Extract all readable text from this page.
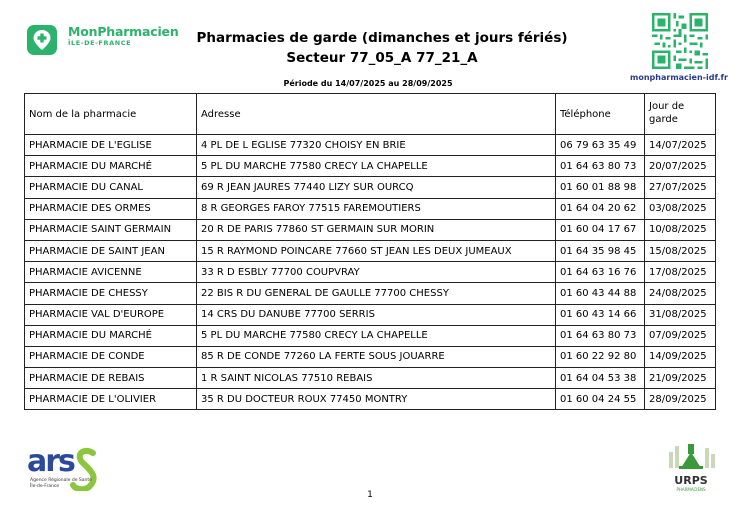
MonPharmacien
ÎLE-DE-FRANCE	Pharmacies de garde (dimanches et jours fériés)
Secteur 77_05_A 77_21_A
Période du 14/07/2025 au 28/09/2025
monpharmacien-idf.fr
Nom de la pharmacie	Adresse	Téléphone	Jour de garde
PHARMACIE DE L'EGLISE	4 PL DE L EGLISE 77320 CHOISY EN BRIE	06 79 63 35 49	14/07/2025
PHARMACIE DU MARCHÉ	5 PL DU MARCHE 77580 CRECY LA CHAPELLE	01 64 63 80 73	20/07/2025
PHARMACIE DU CANAL	69 R JEAN JAURES 77440 LIZY SUR OURCQ	01 60 01 88 98	27/07/2025
PHARMACIE DES ORMES	8 R GEORGES FAROY 77515 FAREMOUTIERS	01 64 04 20 62	03/08/2025
PHARMACIE SAINT GERMAIN	20 R DE PARIS 77860 ST GERMAIN SUR MORIN	01 60 04 17 67	10/08/2025
PHARMACIE DE SAINT JEAN	15 R RAYMOND POINCARE 77660 ST JEAN LES DEUX JUMEAUX	01 64 35 98 45	15/08/2025
PHARMACIE AVICENNE	33 R D ESBLY 77700 COUPVRAY	01 64 63 16 76	17/08/2025
PHARMACIE DE CHESSY	22 BIS R DU GENERAL DE GAULLE 77700 CHESSY	01 60 43 44 88	24/08/2025
PHARMACIE VAL D'EUROPE	14 CRS DU DANUBE 77700 SERRIS	01 60 43 14 66	31/08/2025
PHARMACIE DU MARCHÉ	5 PL DU MARCHE 77580 CRECY LA CHAPELLE	01 64 63 80 73	07/09/2025
PHARMACIE DE CONDE	85 R DE CONDE 77260 LA FERTE SOUS JOUARRE	01 60 22 92 80	14/09/2025
PHARMACIE DE REBAIS	1 R SAINT NICOLAS 77510 REBAIS	01 64 04 53 38	21/09/2025
PHARMACIE DE L'OLIVIER	35 R DU DOCTEUR ROUX 77450 MONTRY	01 60 04 24 55	28/09/2025
ars
Agence Régionale de Santé
Île-de-France
1
URPS
PHARMACIENS
